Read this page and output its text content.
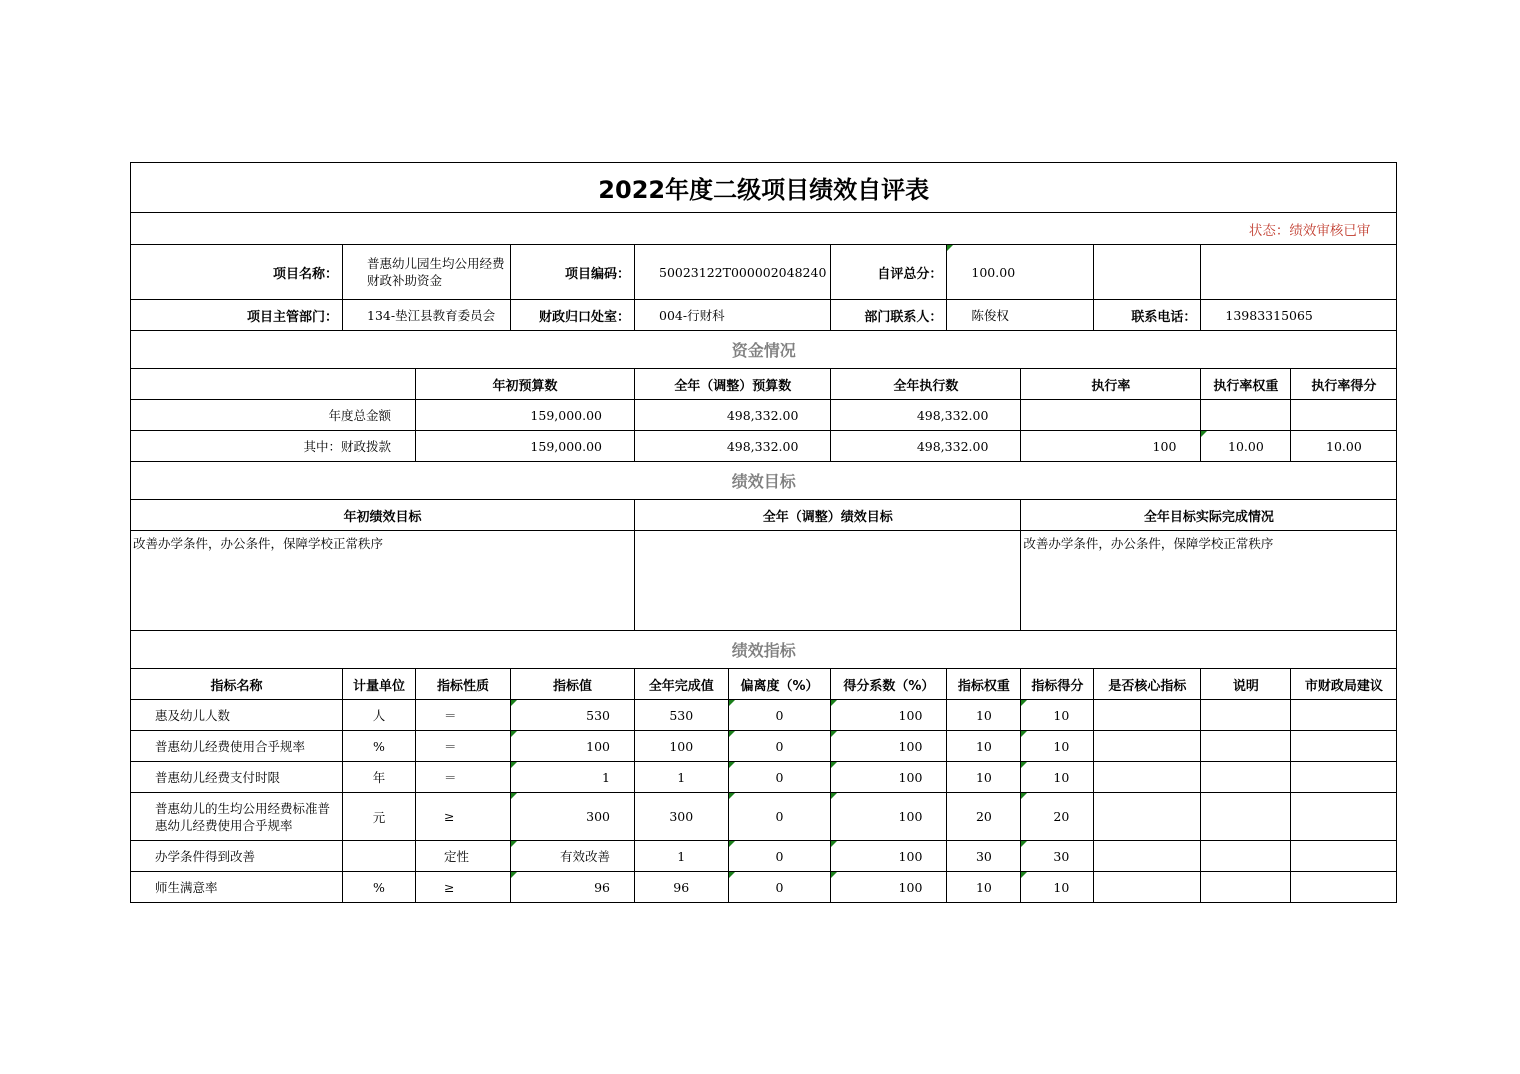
2022年度二级项目绩效自评表											
状态：绩效审核已审											
项目名称：	普惠幼儿园生均公用经费财政补助资金		项目编码：	50023122T000002048240		自评总分：	100.00				
项目主管部门：	134-垫江县教育委员会		财政归口处室：	004-行财科		部门联系人：	陈俊权		联系电话：	13983315065	
资金情况											
		年初预算数		全年（调整）预算数		全年执行数		执行率		执行率权重	执行率得分
年度总金额		159,000.00		498,332.00		498,332.00					
其中：财政拨款		159,000.00		498,332.00		498,332.00		100		10.00	10.00
绩效目标											
年初绩效目标				全年（调整）绩效目标				全年目标实际完成情况			
改善办学条件，办公条件，保障学校正常秩序								改善办学条件，办公条件，保障学校正常秩序			
绩效指标											
指标名称	计量单位	指标性质	指标值	全年完成值	偏离度（%）	得分系数（%）	指标权重	指标得分	是否核心指标	说明	市财政局建议
惠及幼儿人数	人	＝	530	530	0	100	10	10			
普惠幼儿经费使用合乎规率	%	＝	100	100	0	100	10	10			
普惠幼儿经费支付时限	年	＝	1	1	0	100	10	10			
普惠幼儿的生均公用经费标准普惠幼儿经费使用合乎规率	元	≥	300	300	0	100	20	20			
办学条件得到改善		定性	有效改善	1	0	100	30	30			
师生满意率	%	≥	96	96	0	100	10	10			
